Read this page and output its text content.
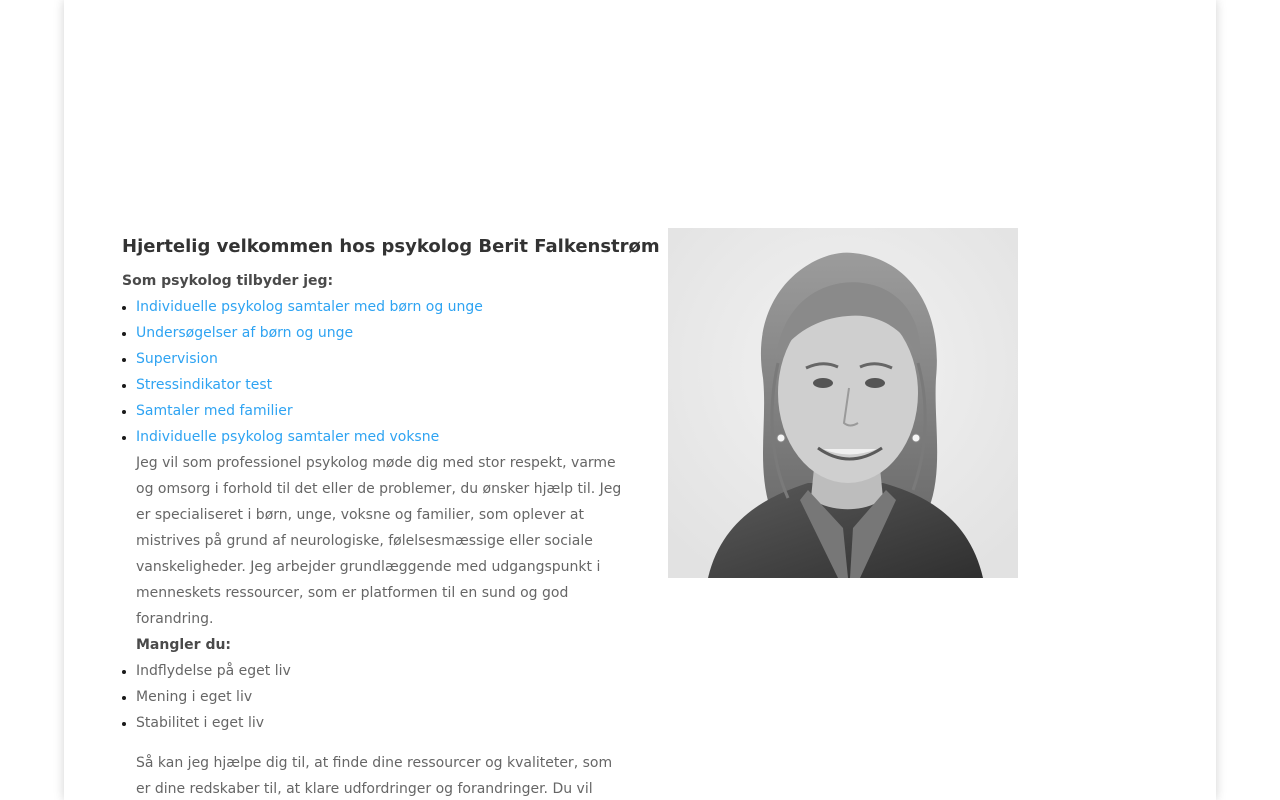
Hjertelig velkommen hos psykolog Berit Falkenstrøm

Som psykolog tilbyder jeg:

• Individuelle psykolog samtaler med børn og unge
• Undersøgelser af børn og unge
• Supervision
• Stressindikator test
• Samtaler med familier
• Individuelle psykolog samtaler med voksne

Jeg vil som professionel psykolog møde dig med stor respekt, varme og omsorg i forhold til det eller de problemer, du ønsker hjælp til. Jeg er specialiseret i børn, unge, voksne og familier, som oplever at mistrives på grund af neurologiske, følelsesmæssige eller sociale vanskeligheder. Jeg arbejder grundlæggende med udgangspunkt i menneskets ressourcer, som er platformen til en sund og god forandring.

Mangler du:

• Indflydelse på eget liv
• Mening i eget liv
• Stabilitet i eget liv

Så kan jeg hjælpe dig til, at finde dine ressourcer og kvaliteter, som er dine redskaber til, at klare udfordringer og forandringer. Du vil
